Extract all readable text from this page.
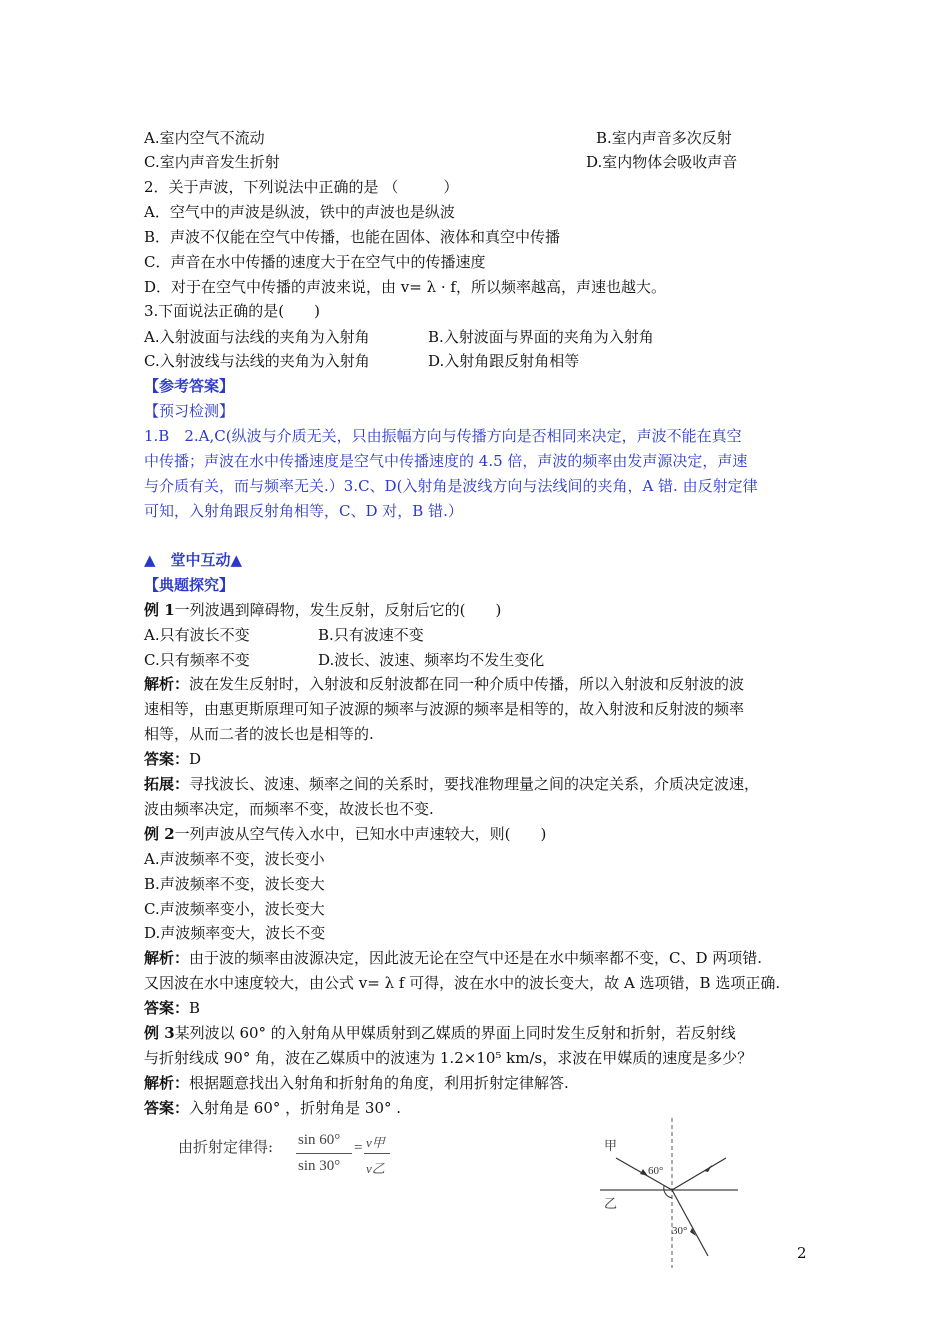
A.室内空气不流动	B.室内声音多次反射
C.室内声音发生折射	D.室内物体会吸收声音
2．关于声波，下列说法中正确的是 （　　　）
A．空气中的声波是纵波，铁中的声波也是纵波
B．声波不仅能在空气中传播，也能在固体、液体和真空中传播
C．声音在水中传播的速度大于在空气中的传播速度
D．对于在空气中传播的声波来说，由 v= λ · f，所以频率越高，声速也越大。
3.下面说法正确的是(　　)
A.入射波面与法线的夹角为入射角	B.入射波面与界面的夹角为入射角
C.入射波线与法线的夹角为入射角	D.入射角跟反射角相等
【参考答案】
【预习检测】
1.B　2.A,C(纵波与介质无关，只由振幅方向与传播方向是否相同来决定，声波不能在真空
中传播；声波在水中传播速度是空气中传播速度的 4.5 倍，声波的频率由发声源决定，声速
与介质有关，而与频率无关.）3.C、D(入射角是波线方向与法线间的夹角，A 错. 由反射定律
可知，入射角跟反射角相等，C、D 对，B 错.）
▲　堂中互动▲
【典题探究】
例 1一列波遇到障碍物，发生反射，反射后它的(　　)
A.只有波长不变	B.只有波速不变
C.只有频率不变	D.波长、波速、频率均不发生变化
解析：波在发生反射时，入射波和反射波都在同一种介质中传播，所以入射波和反射波的波
速相等，由惠更斯原理可知子波源的频率与波源的频率是相等的，故入射波和反射波的频率
相等，从而二者的波长也是相等的.
答案：D
拓展：寻找波长、波速、频率之间的关系时，要找准物理量之间的决定关系，介质决定波速，
波由频率决定，而频率不变，故波长也不变.
例 2一列声波从空气传入水中，已知水中声速较大，则(　　)
A.声波频率不变，波长变小
B.声波频率不变，波长变大
C.声波频率变小，波长变大
D.声波频率变大，波长不变
解析：由于波的频率由波源决定，因此波无论在空气中还是在水中频率都不变，C、D 两项错.
又因波在水中速度较大，由公式 v= λ f 可得，波在水中的波长变大，故 A 选项错，B 选项正确.
答案：B
例 3某列波以 60° 的入射角从甲媒质射到乙媒质的界面上同时发生反射和折射，若反射线
与折射线成 90° 角，波在乙媒质中的波速为 1.2×10⁵ km/s，求波在甲媒质的速度是多少？
解析：根据题意找出入射角和折射角的角度，利用折射定律解答.
答案：入射角是 60° ，折射角是 30° .
由折射定律得: sin 60°
sin 30°
= v甲
v乙
甲
乙
60°
30°
2
